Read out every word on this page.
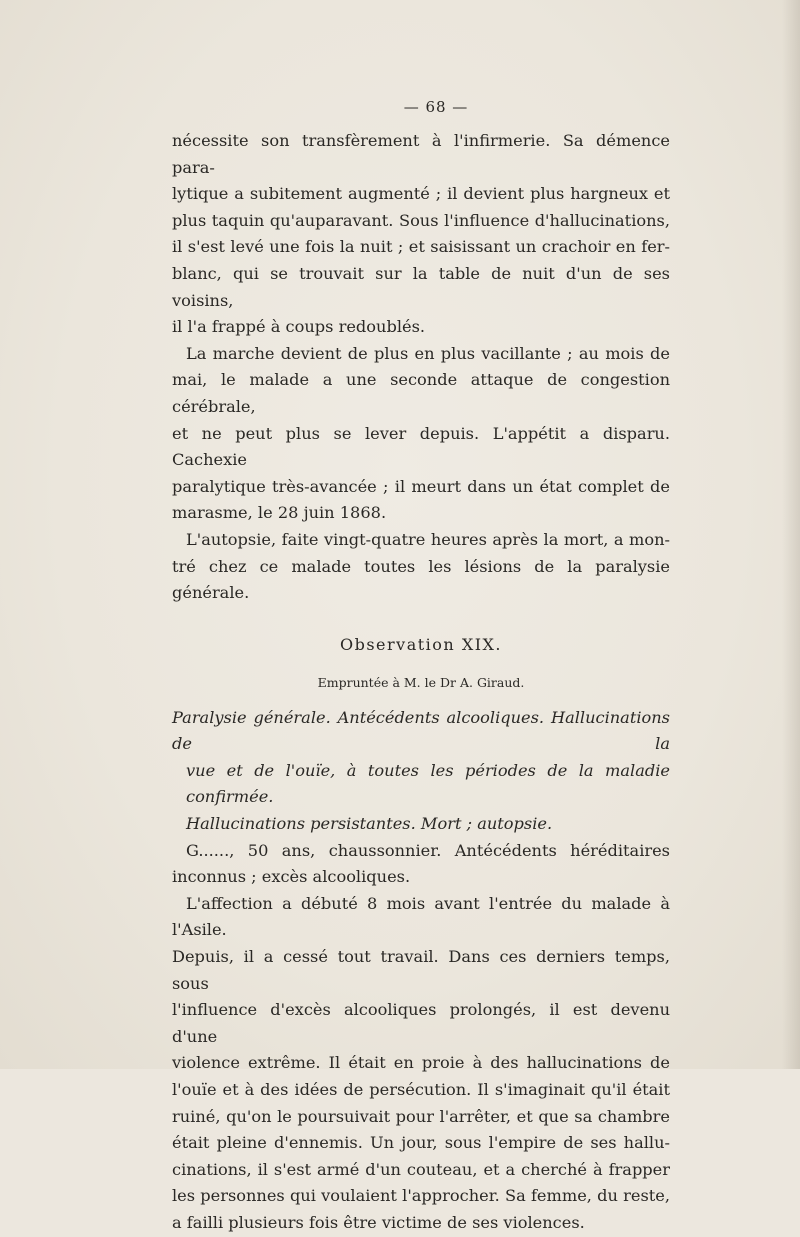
— 68 —
nécessite son transfèrement à l'infirmerie. Sa démence para-
lytique a subitement augmenté ; il devient plus hargneux et
plus taquin qu'auparavant. Sous l'influence d'hallucinations,
il s'est levé une fois la nuit ; et saisissant un crachoir en fer-
blanc, qui se trouvait sur la table de nuit d'un de ses voisins,
il l'a frappé à coups redoublés.
La marche devient de plus en plus vacillante ; au mois de
mai, le malade a une seconde attaque de congestion cérébrale,
et ne peut plus se lever depuis. L'appétit a disparu. Cachexie
paralytique très-avancée ; il meurt dans un état complet de
marasme, le 28 juin 1868.
L'autopsie, faite vingt-quatre heures après la mort, a mon-
tré chez ce malade toutes les lésions de la paralysie générale.
Observation XIX.
Empruntée à M. le Dr A. Giraud.
Paralysie générale. Antécédents alcooliques. Hallucinations de la
vue et de l'ouïe, à toutes les périodes de la maladie confirmée.
Hallucinations persistantes. Mort ; autopsie.
G......, 50 ans, chaussonnier. Antécédents héréditaires
inconnus ; excès alcooliques.
L'affection a débuté 8 mois avant l'entrée du malade à l'Asile.
Depuis, il a cessé tout travail. Dans ces derniers temps, sous
l'influence d'excès alcooliques prolongés, il est devenu d'une
violence extrême. Il était en proie à des hallucinations de
l'ouïe et à des idées de persécution. Il s'imaginait qu'il était
ruiné, qu'on le poursuivait pour l'arrêter, et que sa chambre
était pleine d'ennemis. Un jour, sous l'empire de ses hallu-
cinations, il s'est armé d'un couteau, et a cherché à frapper
les personnes qui voulaient l'approcher. Sa femme, du reste,
a failli plusieurs fois être victime de ses violences.
